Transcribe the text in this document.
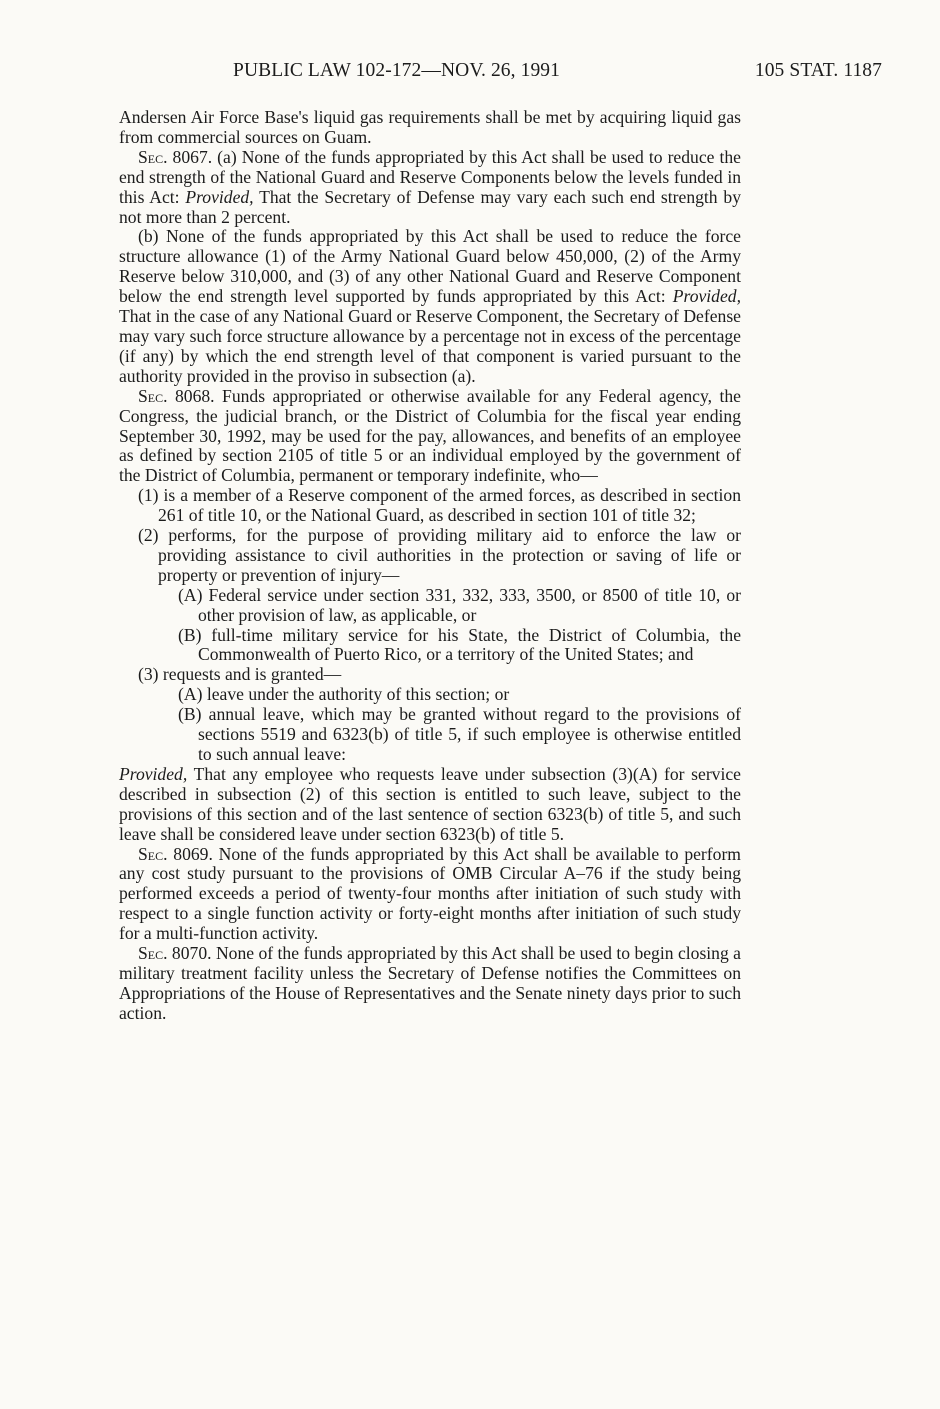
PUBLIC LAW 102-172—NOV. 26, 1991	105 STAT. 1187

Andersen Air Force Base's liquid gas requirements shall be met by acquiring liquid gas from commercial sources on Guam.

Sec. 8067. (a) None of the funds appropriated by this Act shall be used to reduce the end strength of the National Guard and Reserve Components below the levels funded in this Act: Provided, That the Secretary of Defense may vary each such end strength by not more than 2 percent.

(b) None of the funds appropriated by this Act shall be used to reduce the force structure allowance (1) of the Army National Guard below 450,000, (2) of the Army Reserve below 310,000, and (3) of any other National Guard and Reserve Component below the end strength level supported by funds appropriated by this Act: Provided, That in the case of any National Guard or Reserve Component, the Secretary of Defense may vary such force structure allowance by a percentage not in excess of the percentage (if any) by which the end strength level of that component is varied pursuant to the authority provided in the proviso in subsection (a).

Sec. 8068. Funds appropriated or otherwise available for any Federal agency, the Congress, the judicial branch, or the District of Columbia for the fiscal year ending September 30, 1992, may be used for the pay, allowances, and benefits of an employee as defined by section 2105 of title 5 or an individual employed by the government of the District of Columbia, permanent or temporary indefinite, who—

(1) is a member of a Reserve component of the armed forces, as described in section 261 of title 10, or the National Guard, as described in section 101 of title 32;

(2) performs, for the purpose of providing military aid to enforce the law or providing assistance to civil authorities in the protection or saving of life or property or prevention of injury—

(A) Federal service under section 331, 332, 333, 3500, or 8500 of title 10, or other provision of law, as applicable, or

(B) full-time military service for his State, the District of Columbia, the Commonwealth of Puerto Rico, or a territory of the United States; and

(3) requests and is granted—

(A) leave under the authority of this section; or

(B) annual leave, which may be granted without regard to the provisions of sections 5519 and 6323(b) of title 5, if such employee is otherwise entitled to such annual leave:

Provided, That any employee who requests leave under subsection (3)(A) for service described in subsection (2) of this section is entitled to such leave, subject to the provisions of this section and of the last sentence of section 6323(b) of title 5, and such leave shall be considered leave under section 6323(b) of title 5.

Sec. 8069. None of the funds appropriated by this Act shall be available to perform any cost study pursuant to the provisions of OMB Circular A–76 if the study being performed exceeds a period of twenty-four months after initiation of such study with respect to a single function activity or forty-eight months after initiation of such study for a multi-function activity.

Sec. 8070. None of the funds appropriated by this Act shall be used to begin closing a military treatment facility unless the Secretary of Defense notifies the Committees on Appropriations of the House of Representatives and the Senate ninety days prior to such action.
